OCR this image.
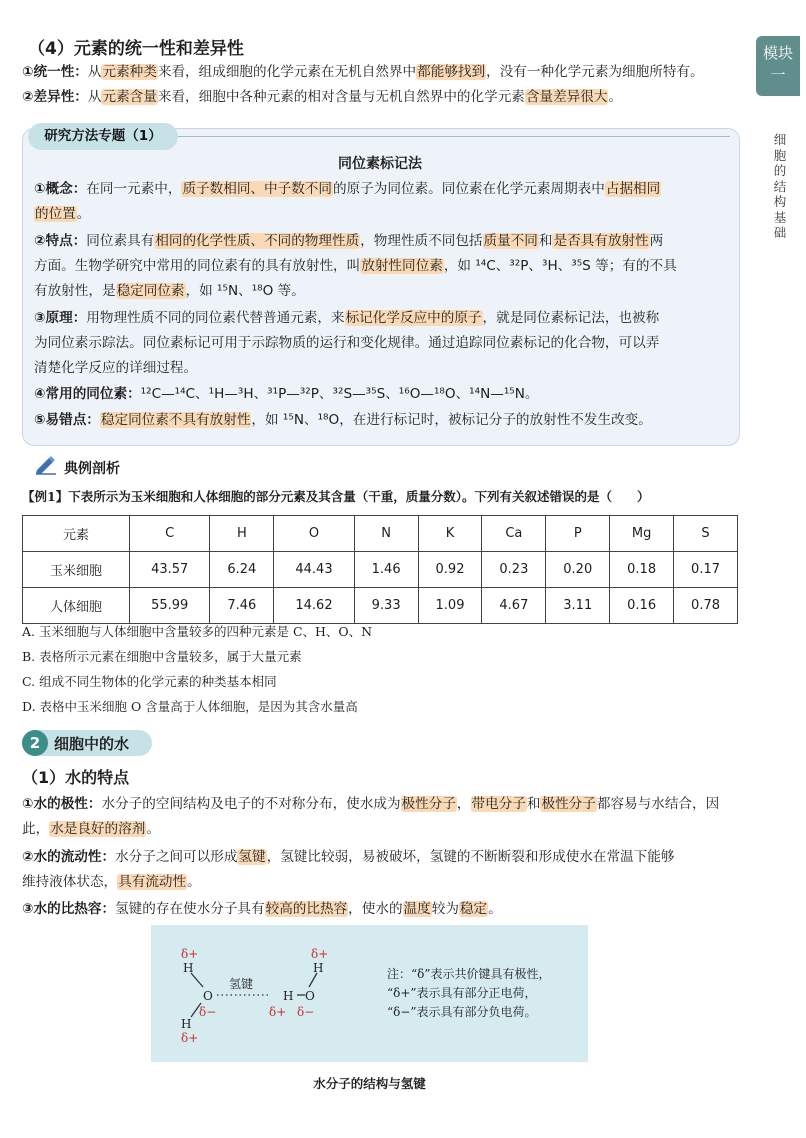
模块一
细胞的结构基础
（4）元素的统一性和差异性
①统一性：从元素种类来看，组成细胞的化学元素在无机自然界中都能够找到，没有一种化学元素为细胞所特有。
②差异性：从元素含量来看，细胞中各种元素的相对含量与无机自然界中的化学元素含量差异很大。
研究方法专题（1）
同位素标记法
①概念：在同一元素中，质子数相同、中子数不同的原子为同位素。同位素在化学元素周期表中占据相同
的位置。
②特点：同位素具有相同的化学性质、不同的物理性质，物理性质不同包括质量不同和是否具有放射性两
方面。生物学研究中常用的同位素有的具有放射性，叫放射性同位素，如 ¹⁴C、³²P、³H、³⁵S 等；有的不具
有放射性，是稳定同位素，如 ¹⁵N、¹⁸O 等。
③原理：用物理性质不同的同位素代替普通元素，来标记化学反应中的原子，就是同位素标记法，也被称
为同位素示踪法。同位素标记可用于示踪物质的运行和变化规律。通过追踪同位素标记的化合物，可以弄
清楚化学反应的详细过程。
④常用的同位素：¹²C—¹⁴C、¹H—³H、³¹P—³²P、³²S—³⁵S、¹⁶O—¹⁸O、¹⁴N—¹⁵N。
⑤易错点：稳定同位素不具有放射性，如 ¹⁵N、¹⁸O，在进行标记时，被标记分子的放射性不发生改变。
典例剖析
【例1】下表所示为玉米细胞和人体细胞的部分元素及其含量（干重，质量分数）。下列有关叙述错误的是（　　）
元素	C	H	O	N	K	Ca	P	Mg	S
玉米细胞	43.57	6.24	44.43	1.46	0.92	0.23	0.20	0.18	0.17
人体细胞	55.99	7.46	14.62	9.33	1.09	4.67	3.11	0.16	0.78
A. 玉米细胞与人体细胞中含量较多的四种元素是 C、H、O、N
B. 表格所示元素在细胞中含量较多，属于大量元素
C. 组成不同生物体的化学元素的种类基本相同
D. 表格中玉米细胞 O 含量高于人体细胞，是因为其含水量高
2 细胞中的水
（1）水的特点
①水的极性：水分子的空间结构及电子的不对称分布，使水成为极性分子，带电分子和极性分子都容易与水结合，因
此，水是良好的溶剂。
②水的流动性：水分子之间可以形成氢键，氢键比较弱，易被破坏，氢键的不断断裂和形成使水在常温下能够
维持液体状态，具有流动性。
③水的比热容：氢键的存在使水分子具有较高的比热容，使水的温度较为稳定。
δ+
H
氢键
O
δ−
H
δ+
H
δ+
O
δ−
H
δ+
注：“δ”表示共价键具有极性，
“δ+”表示具有部分正电荷，
“δ−”表示具有部分负电荷。
水分子的结构与氢键
